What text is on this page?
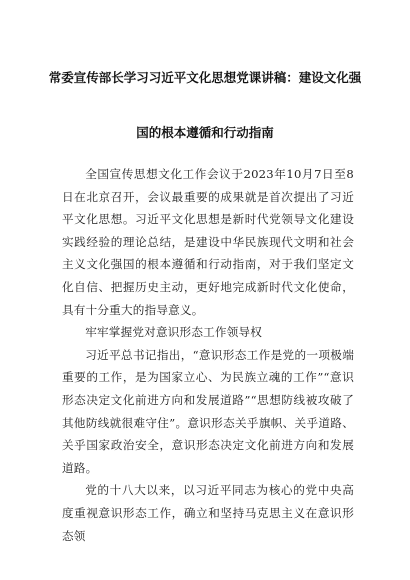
常委宣传部长学习习近平文化思想党课讲稿：建设文化强
国的根本遵循和行动指南

全国宣传思想文化工作会议于2023年10月7日至8日在北京召开，会议最重要的成果就是首次提出了习近平文化思想。习近平文化思想是新时代党领导文化建设实践经验的理论总结，是建设中华民族现代文明和社会主义文化强国的根本遵循和行动指南，对于我们坚定文化自信、把握历史主动，更好地完成新时代文化使命，具有十分重大的指导意义。

牢牢掌握党对意识形态工作领导权

习近平总书记指出，“意识形态工作是党的一项极端重要的工作，是为国家立心、为民族立魂的工作”“意识形态决定文化前进方向和发展道路”“思想防线被攻破了其他防线就很难守住”。意识形态关乎旗帜、关乎道路、关乎国家政治安全，意识形态决定文化前进方向和发展道路。

党的十八大以来，以习近平同志为核心的党中央高度重视意识形态工作，确立和坚持马克思主义在意识形态领
